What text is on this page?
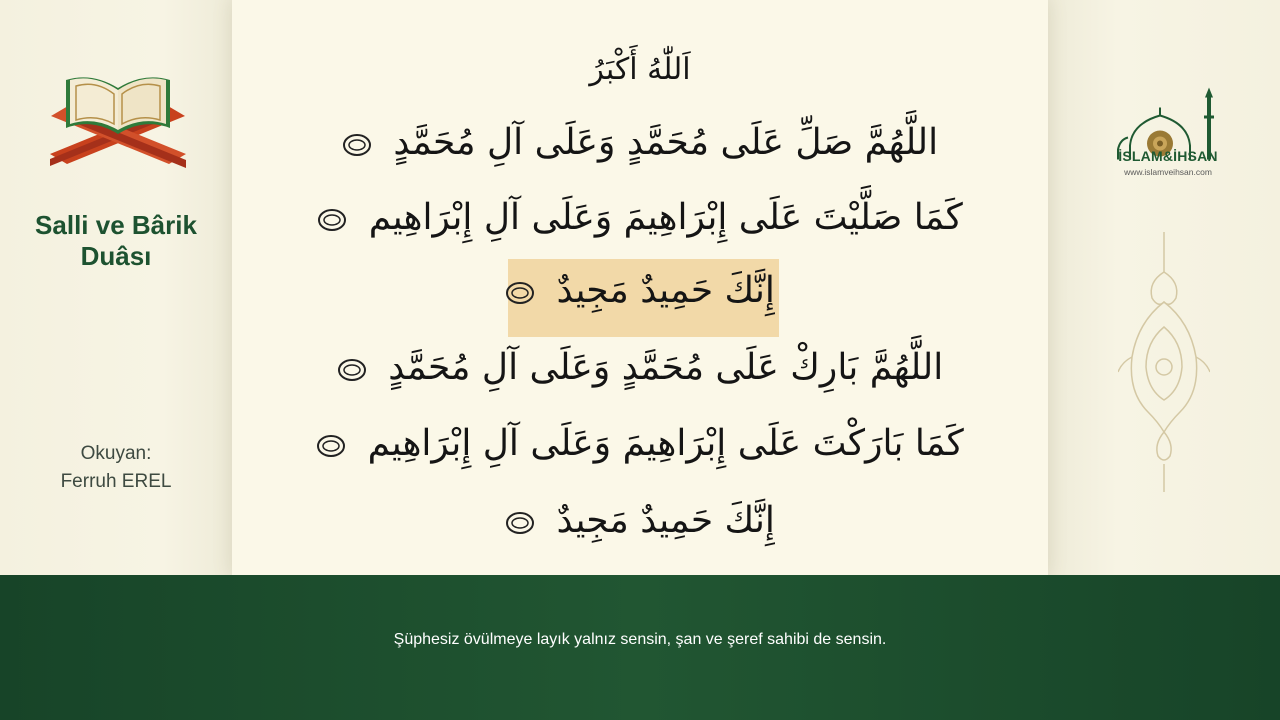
Salli ve Bârik
Duâsı
Okuyan:
Ferruh EREL
اَللّٰهُ أَكْبَرُ
اللَّهُمَّ صَلِّ عَلَى مُحَمَّدٍ وَعَلَى آلِ مُحَمَّدٍ
كَمَا صَلَّيْتَ عَلَى إِبْرَاهِيمَ وَعَلَى آلِ إِبْرَاهِيم
إِنَّكَ حَمِيدٌ مَجِيدٌ
اللَّهُمَّ بَارِكْ عَلَى مُحَمَّدٍ وَعَلَى آلِ مُحَمَّدٍ
كَمَا بَارَكْتَ عَلَى إِبْرَاهِيمَ وَعَلَى آلِ إِبْرَاهِيم
إِنَّكَ حَمِيدٌ مَجِيدٌ
İSLAM&İHSAN
www.islamveihsan.com
Şüphesiz övülmeye layık yalnız sensin, şan ve şeref sahibi de sensin.
